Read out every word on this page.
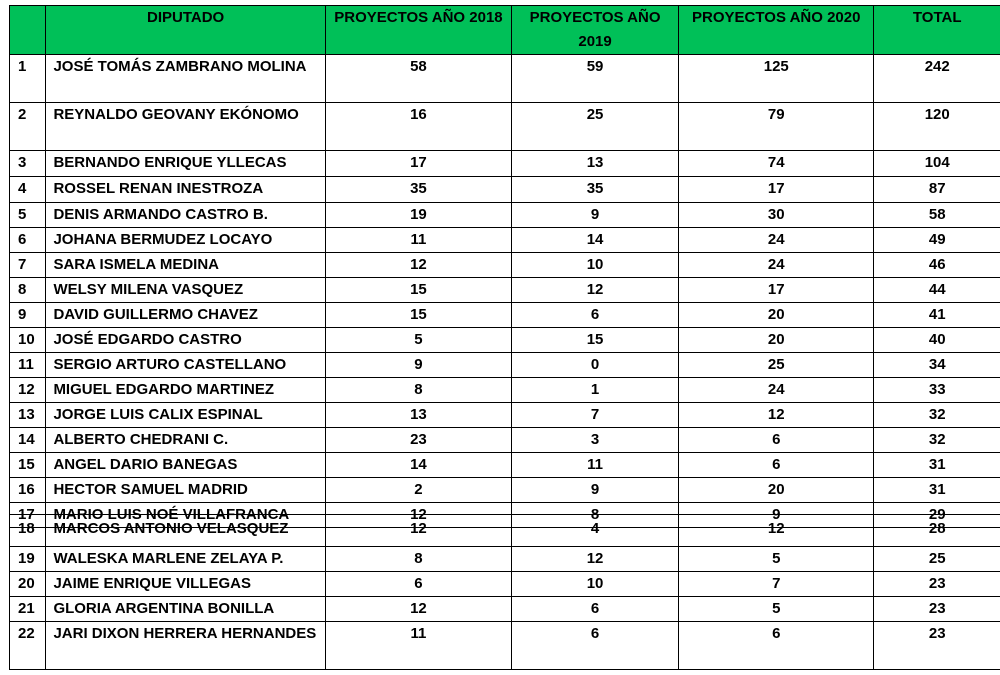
	DIPUTADO	PROYECTOS AÑO 2018	PROYECTOS AÑO 2019	PROYECTOS AÑO 2020	TOTAL
1	JOSÉ TOMÁS ZAMBRANO MOLINA	58	59	125	242
2	REYNALDO GEOVANY EKÓNOMO	16	25	79	120
3	BERNANDO ENRIQUE YLLECAS	17	13	74	104
4	ROSSEL RENAN INESTROZA	35	35	17	87
5	DENIS ARMANDO CASTRO B.	19	9	30	58
6	JOHANA BERMUDEZ LOCAYO	11	14	24	49
7	SARA ISMELA MEDINA	12	10	24	46
8	WELSY MILENA VASQUEZ	15	12	17	44
9	DAVID GUILLERMO CHAVEZ	15	6	20	41
10	JOSÉ EDGARDO CASTRO	5	15	20	40
11	SERGIO ARTURO CASTELLANO	9	0	25	34
12	MIGUEL EDGARDO MARTINEZ	8	1	24	33
13	JORGE LUIS CALIX ESPINAL	13	7	12	32
14	ALBERTO CHEDRANI C.	23	3	6	32
15	ANGEL DARIO BANEGAS	14	11	6	31
16	HECTOR SAMUEL MADRID	2	9	20	31
17	MARIO LUIS NOÉ VILLAFRANCA	12	8	9	29
18	MARCOS ANTONIO VELASQUEZ	12	4	12	28
19	WALESKA MARLENE ZELAYA P.	8	12	5	25
20	JAIME ENRIQUE VILLEGAS	6	10	7	23
21	GLORIA ARGENTINA BONILLA	12	6	5	23
22	JARI DIXON HERRERA HERNANDES	11	6	6	23
